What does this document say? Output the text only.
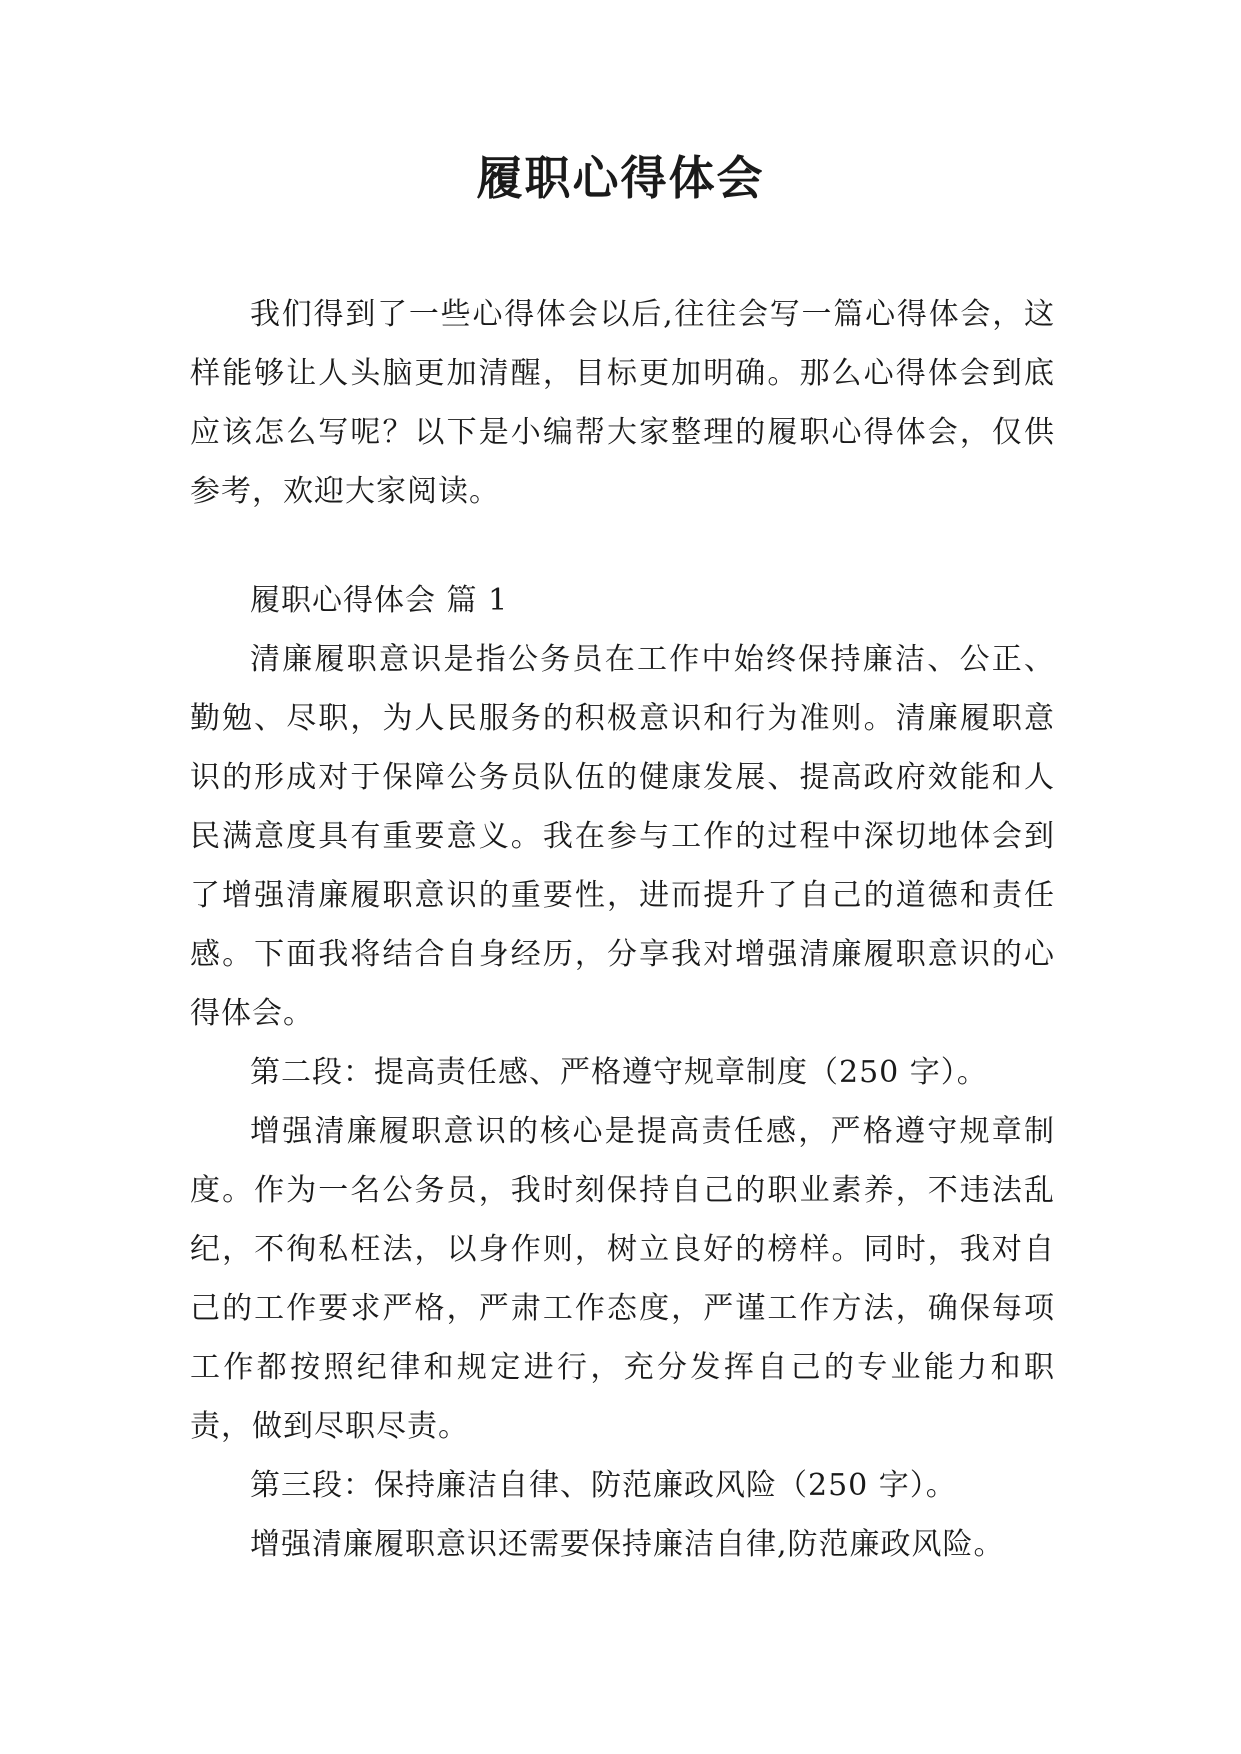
履职心得体会

我们得到了一些心得体会以后,往往会写一篇心得体会，这样能够让人头脑更加清醒，目标更加明确。那么心得体会到底应该怎么写呢？以下是小编帮大家整理的履职心得体会，仅供参考，欢迎大家阅读。

履职心得体会 篇 1

清廉履职意识是指公务员在工作中始终保持廉洁、公正、勤勉、尽职，为人民服务的积极意识和行为准则。清廉履职意识的形成对于保障公务员队伍的健康发展、提高政府效能和人民满意度具有重要意义。我在参与工作的过程中深切地体会到了增强清廉履职意识的重要性，进而提升了自己的道德和责任感。下面我将结合自身经历，分享我对增强清廉履职意识的心得体会。

第二段：提高责任感、严格遵守规章制度（250 字）。

增强清廉履职意识的核心是提高责任感，严格遵守规章制度。作为一名公务员，我时刻保持自己的职业素养，不违法乱纪，不徇私枉法，以身作则，树立良好的榜样。同时，我对自己的工作要求严格，严肃工作态度，严谨工作方法，确保每项工作都按照纪律和规定进行，充分发挥自己的专业能力和职责，做到尽职尽责。

第三段：保持廉洁自律、防范廉政风险（250 字）。

增强清廉履职意识还需要保持廉洁自律,防范廉政风险。
